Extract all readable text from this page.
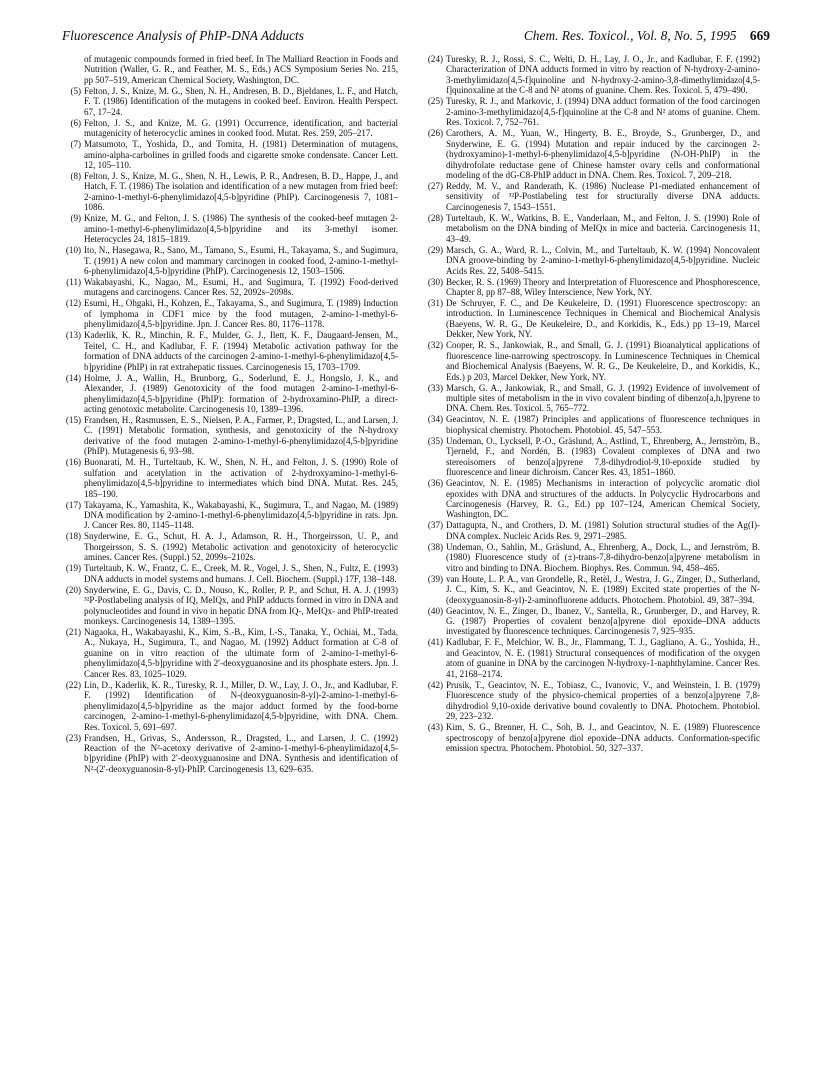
Fluorescence Analysis of PhIP-DNA Adducts	Chem. Res. Toxicol., Vol. 8, No. 5, 1995 669
of mutagenic compounds formed in fried beef. In The Malliard Reaction in Foods and Nutrition (Waller, G. R., and Feather, M. S., Eds.) ACS Symposium Series No. 215, pp 507–519, American Chemical Society, Washington, DC.
(5) Felton, J. S., Knize, M. G., Shen, N. H., Andresen, B. D., Bjeldanes, L. F., and Hatch, F. T. (1986) Identification of the mutagens in cooked beef. Environ. Health Perspect. 67, 17–24.
(6) Felton, J. S., and Knize, M. G. (1991) Occurrence, identification, and bacterial mutagenicity of heterocyclic amines in cooked food. Mutat. Res. 259, 205–217.
(7) Matsumoto, T., Yoshida, D., and Tomita, H. (1981) Determination of mutagens, amino-alpha-carbolines in grilled foods and cigarette smoke condensate. Cancer Lett. 12, 105–110.
(8) Felton, J. S., Knize, M. G., Shen, N. H., Lewis, P. R., Andresen, B. D., Happe, J., and Hatch, F. T. (1986) The isolation and identification of a new mutagen from fried beef: 2-amino-1-methyl-6-phenylimidazo[4,5-b]pyridine (PhIP). Carcinogenesis 7, 1081–1086.
(9) Knize, M. G., and Felton, J. S. (1986) The synthesis of the cooked-beef mutagen 2-amino-1-methyl-6-phenylimidazo[4,5-b]pyridine and its 3-methyl isomer. Heterocycles 24, 1815–1819.
(10) Ito, N., Hasegawa, R., Sano, M., Tamano, S., Esumi, H., Takayama, S., and Sugimura, T. (1991) A new colon and mammary carcinogen in cooked food, 2-amino-1-methyl-6-phenylimidazo[4,5-b]pyridine (PhIP). Carcinogenesis 12, 1503–1506.
(11) Wakabayashi, K., Nagao, M., Esumi, H., and Sugimura, T. (1992) Food-derived mutagens and carcinogens. Cancer Res. 52, 2092s–2098s.
(12) Esumi, H., Ohgaki, H., Kohzen, E., Takayama, S., and Sugimura, T. (1989) Induction of lymphoma in CDF1 mice by the food mutagen, 2-amino-1-methyl-6-phenylimidazo[4,5-b]pyridine. Jpn. J. Cancer Res. 80, 1176–1178.
(13) Kaderlik, K. R., Minchin, R. F., Mulder, G. J., Ilett, K. F., Daugaard-Jensen, M., Teitel, C. H., and Kadlubar, F. F. (1994) Metabolic activation pathway for the formation of DNA adducts of the carcinogen 2-amino-1-methyl-6-phenylimidazo[4,5-b]pyridine (PhIP) in rat extrahepatic tissues. Carcinogenesis 15, 1703–1709.
(14) Holme, J. A., Wallin, H., Brunborg, G., Soderlund, E. J., Hongslo, J. K., and Alexander, J. (1989) Genotoxicity of the food mutagen 2-amino-1-methyl-6-phenylimidazo[4,5-b]pyridine (PhIP): formation of 2-hydroxamino-PhIP, a direct-acting genotoxic metabolite. Carcinogenesis 10, 1389–1396.
(15) Frandsen, H., Rasmussen, E. S., Nielsen, P. A., Farmer, P., Dragsted, L., and Larsen, J. C. (1991) Metabolic formation, synthesis, and genotoxicity of the N-hydroxy derivative of the food mutagen 2-amino-1-methyl-6-phenylimidazo[4,5-b]pyridine (PhIP). Mutagenesis 6, 93–98.
(16) Buonarati, M. H., Turteltaub, K. W., Shen, N. H., and Felton, J. S. (1990) Role of sulfation and acetylation in the activation of 2-hydroxyamino-1-methyl-6-phenylimidazo[4,5-b]pyridine to intermediates which bind DNA. Mutat. Res. 245, 185–190.
(17) Takayama, K., Yamashita, K., Wakabayashi, K., Sugimura, T., and Nagao, M. (1989) DNA modification by 2-amino-1-methyl-6-phenylimidazo[4,5-b]pyridine in rats. Jpn. J. Cancer Res. 80, 1145–1148.
(18) Snyderwine, E. G., Schut, H. A. J., Adamson, R. H., Thorgeirsson, U. P., and Thorgeirsson, S. S. (1992) Metabolic activation and genotoxicity of heterocyclic amines. Cancer Res. (Suppl.) 52, 2099s–2102s.
(19) Turteltaub, K. W., Frantz, C. E., Creek, M. R., Vogel, J. S., Shen, N., Fultz, E. (1993) DNA adducts in model systems and humans. J. Cell. Biochem. (Suppl.) 17F, 138–148.
(20) Snyderwine, E. G., Davis, C. D., Nouso, K., Roller, P. P., and Schut, H. A. J. (1993) ³²P-Postlabeling analysis of IQ, MeIQx, and PhIP adducts formed in vitro in DNA and polynucleotides and found in vivo in hepatic DNA from IQ-, MeIQx- and PhIP-treated monkeys. Carcinogenesis 14, 1389–1395.
(21) Nagaoka, H., Wakabayashi, K., Kim, S.-B., Kim, I.-S., Tanaka, Y., Ochiai, M., Tada, A., Nukaya, H., Sugimura, T., and Nagao, M. (1992) Adduct formation at C-8 of guanine on in vitro reaction of the ultimate form of 2-amino-1-methyl-6-phenylimidazo[4,5-b]pyridine with 2′-deoxyguanosine and its phosphate esters. Jpn. J. Cancer Res. 83, 1025–1029.
(22) Lin, D., Kaderlik, K. R., Turesky, R. J., Miller, D. W., Lay, J. O., Jr., and Kadlubar, F. F. (1992) Identification of N-(deoxyguanosin-8-yl)-2-amino-1-methyl-6-phenylimidazo[4,5-b]pyridine as the major adduct formed by the food-borne carcinogen, 2-amino-1-methyl-6-phenylimidazo[4,5-b]pyridine, with DNA. Chem. Res. Toxicol. 5, 691–697.
(23) Frandsen, H., Grivas, S., Andersson, R., Dragsted, L., and Larsen, J. C. (1992) Reaction of the N²-acetoxy derivative of 2-amino-1-methyl-6-phenylimidazo[4,5-b]pyridine (PhIP) with 2′-deoxyguanosine and DNA. Synthesis and identification of N²-(2′-deoxyguanosin-8-yl)-PhIP. Carcinogenesis 13, 629–635.
(24) Turesky, R. J., Rossi, S. C., Welti, D. H., Lay, J. O., Jr., and Kadlubar, F. F. (1992) Characterization of DNA adducts formed in vitro by reaction of N-hydroxy-2-amino-3-methylimidazo[4,5-f]quinoline and N-hydroxy-2-amino-3,8-dimethylimidazo[4,5-f]quinoxaline at the C-8 and N² atoms of guanine. Chem. Res. Toxicol. 5, 479–490.
(25) Turesky, R. J., and Markovic, J. (1994) DNA adduct formation of the food carcinogen 2-amino-3-methylimidazo[4,5-f]quinoline at the C-8 and N² atoms of guanine. Chem. Res. Toxicol. 7, 752–761.
(26) Carothers, A. M., Yuan, W., Hingerty, B. E., Broyde, S., Grunberger, D., and Snyderwine, E. G. (1994) Mutation and repair induced by the carcinogen 2-(hydroxyamino)-1-methyl-6-phenylimidazo[4,5-b]pyridine (N-OH-PhIP) in the dihydrofolate reductase gene of Chinese hamster ovary cells and conformational modeling of the dG-C8-PhIP adduct in DNA. Chem. Res. Toxicol. 7, 209–218.
(27) Reddy, M. V., and Randerath, K. (1986) Nuclease P1-mediated enhancement of sensitivity of ³²P-Postlabeling test for structurally diverse DNA adducts. Carcinogenesis 7, 1543–1551.
(28) Turteltaub, K. W., Watkins, B. E., Vanderlaan, M., and Felton, J. S. (1990) Role of metabolism on the DNA binding of MeIQx in mice and bacteria. Carcinogenesis 11, 43–49.
(29) Marsch, G. A., Ward, R. L., Colvin, M., and Turteltaub, K. W. (1994) Noncovalent DNA groove-binding by 2-amino-1-methyl-6-phenylimidazo[4,5-b]pyridine. Nucleic Acids Res. 22, 5408–5415.
(30) Becker, R. S. (1969) Theory and Interpretation of Fluorescence and Phosphorescence, Chapter 8, pp 87–88, Wiley Interscience, New York, NY.
(31) De Schruyer, F. C., and De Keukeleire, D. (1991) Fluorescence spectroscopy: an introduction. In Luminescence Techniques in Chemical and Biochemical Analysis (Baeyens, W. R. G., De Keukeleire, D., and Korkidis, K., Eds.) pp 13–19, Marcel Dekker, New York, NY.
(32) Cooper, R. S., Jankowiak, R., and Small, G. J. (1991) Bioanalytical applications of fluorescence line-narrowing spectroscopy. In Luminescence Techniques in Chemical and Biochemical Analysis (Baeyens, W. R. G., De Keukeleire, D., and Korkidis, K., Eds.) p 203, Marcel Dekker, New York, NY.
(33) Marsch, G. A., Jankowiak, R., and Small, G. J. (1992) Evidence of involvement of multiple sites of metabolism in the in vivo covalent binding of dibenzo[a,h,]pyrene to DNA. Chem. Res. Toxicol. 5, 765–772.
(34) Geacintov, N. E. (1987) Principles and applications of fluorescence techniques in biophysical chemistry. Photochem. Photobiol. 45, 547–553.
(35) Undeman, O., Lycksell, P.-O., Gräslund, A., Astlind, T., Ehrenberg, A., Jernström, B., Tjerneld, F., and Nordén, B. (1983) Covalent complexes of DNA and two stereoisomers of benzo[a]pyrene 7,8-dihydrodiol-9,10-epoxide studied by fluorescence and linear dichroism. Cancer Res. 43, 1851–1860.
(36) Geacintov, N. E. (1985) Mechanisms in interaction of polycyclic aromatic diol epoxides with DNA and structures of the adducts. In Polycyclic Hydrocarbons and Carcinogenesis (Harvey, R. G., Ed.) pp 107–124, American Chemical Society, Washington, DC.
(37) Dattagupta, N., and Crothers, D. M. (1981) Solution structural studies of the Ag(I)-DNA complex. Nucleic Acids Res. 9, 2971–2985.
(38) Undeman, O., Sahlin, M., Gräslund, A., Ehrenberg, A., Dock, L., and Jernström, B. (1980) Fluorescence study of (±)-trans-7,8-dihydro-benzo[a]pyrene metabolism in vitro and binding to DNA. Biochem. Biophys. Res. Commun. 94, 458–465.
(39) van Houte, L. P. A., van Grondelle, R., Retèl, J., Westra, J. G., Zinger, D., Sutherland, J. C., Kim, S. K., and Geacintov, N. E. (1989) Excited state properties of the N-(deoxyguanosin-8-yl)-2-aminofluorene adducts. Photochem. Photobiol. 49, 387–394.
(40) Geacintov, N. E., Zinger, D., Ibanez, V., Santella, R., Grunberger, D., and Harvey, R. G. (1987) Properties of covalent benzo[a]pyrene diol epoxide–DNA adducts investigated by fluorescence techniques. Carcinogenesis 7, 925–935.
(41) Kadlubar, F. F., Melchior, W. B., Jr., Flammang, T. J., Gagliano, A. G., Yoshida, H., and Geacintov, N. E. (1981) Structural consequences of modification of the oxygen atom of guanine in DNA by the carcinogen N-hydroxy-1-naphthylamine. Cancer Res. 41, 2168–2174.
(42) Prusik, T., Geacintov, N. E., Tobiasz, C., Ivanovic, V., and Weinstein, I. B. (1979) Fluorescence study of the physico-chemical properties of a benzo[a]pyrene 7,8-dihydrodiol 9,10-oxide derivative bound covalently to DNA. Photochem. Photobiol. 29, 223–232.
(43) Kim, S. G., Brenner, H. C., Soh, B. J., and Geacintov, N. E. (1989) Fluorescence spectroscopy of benzo[a]pyrene diol epoxide–DNA adducts. Conformation-specific emission spectra. Photochem. Photobiol. 50, 327–337.
